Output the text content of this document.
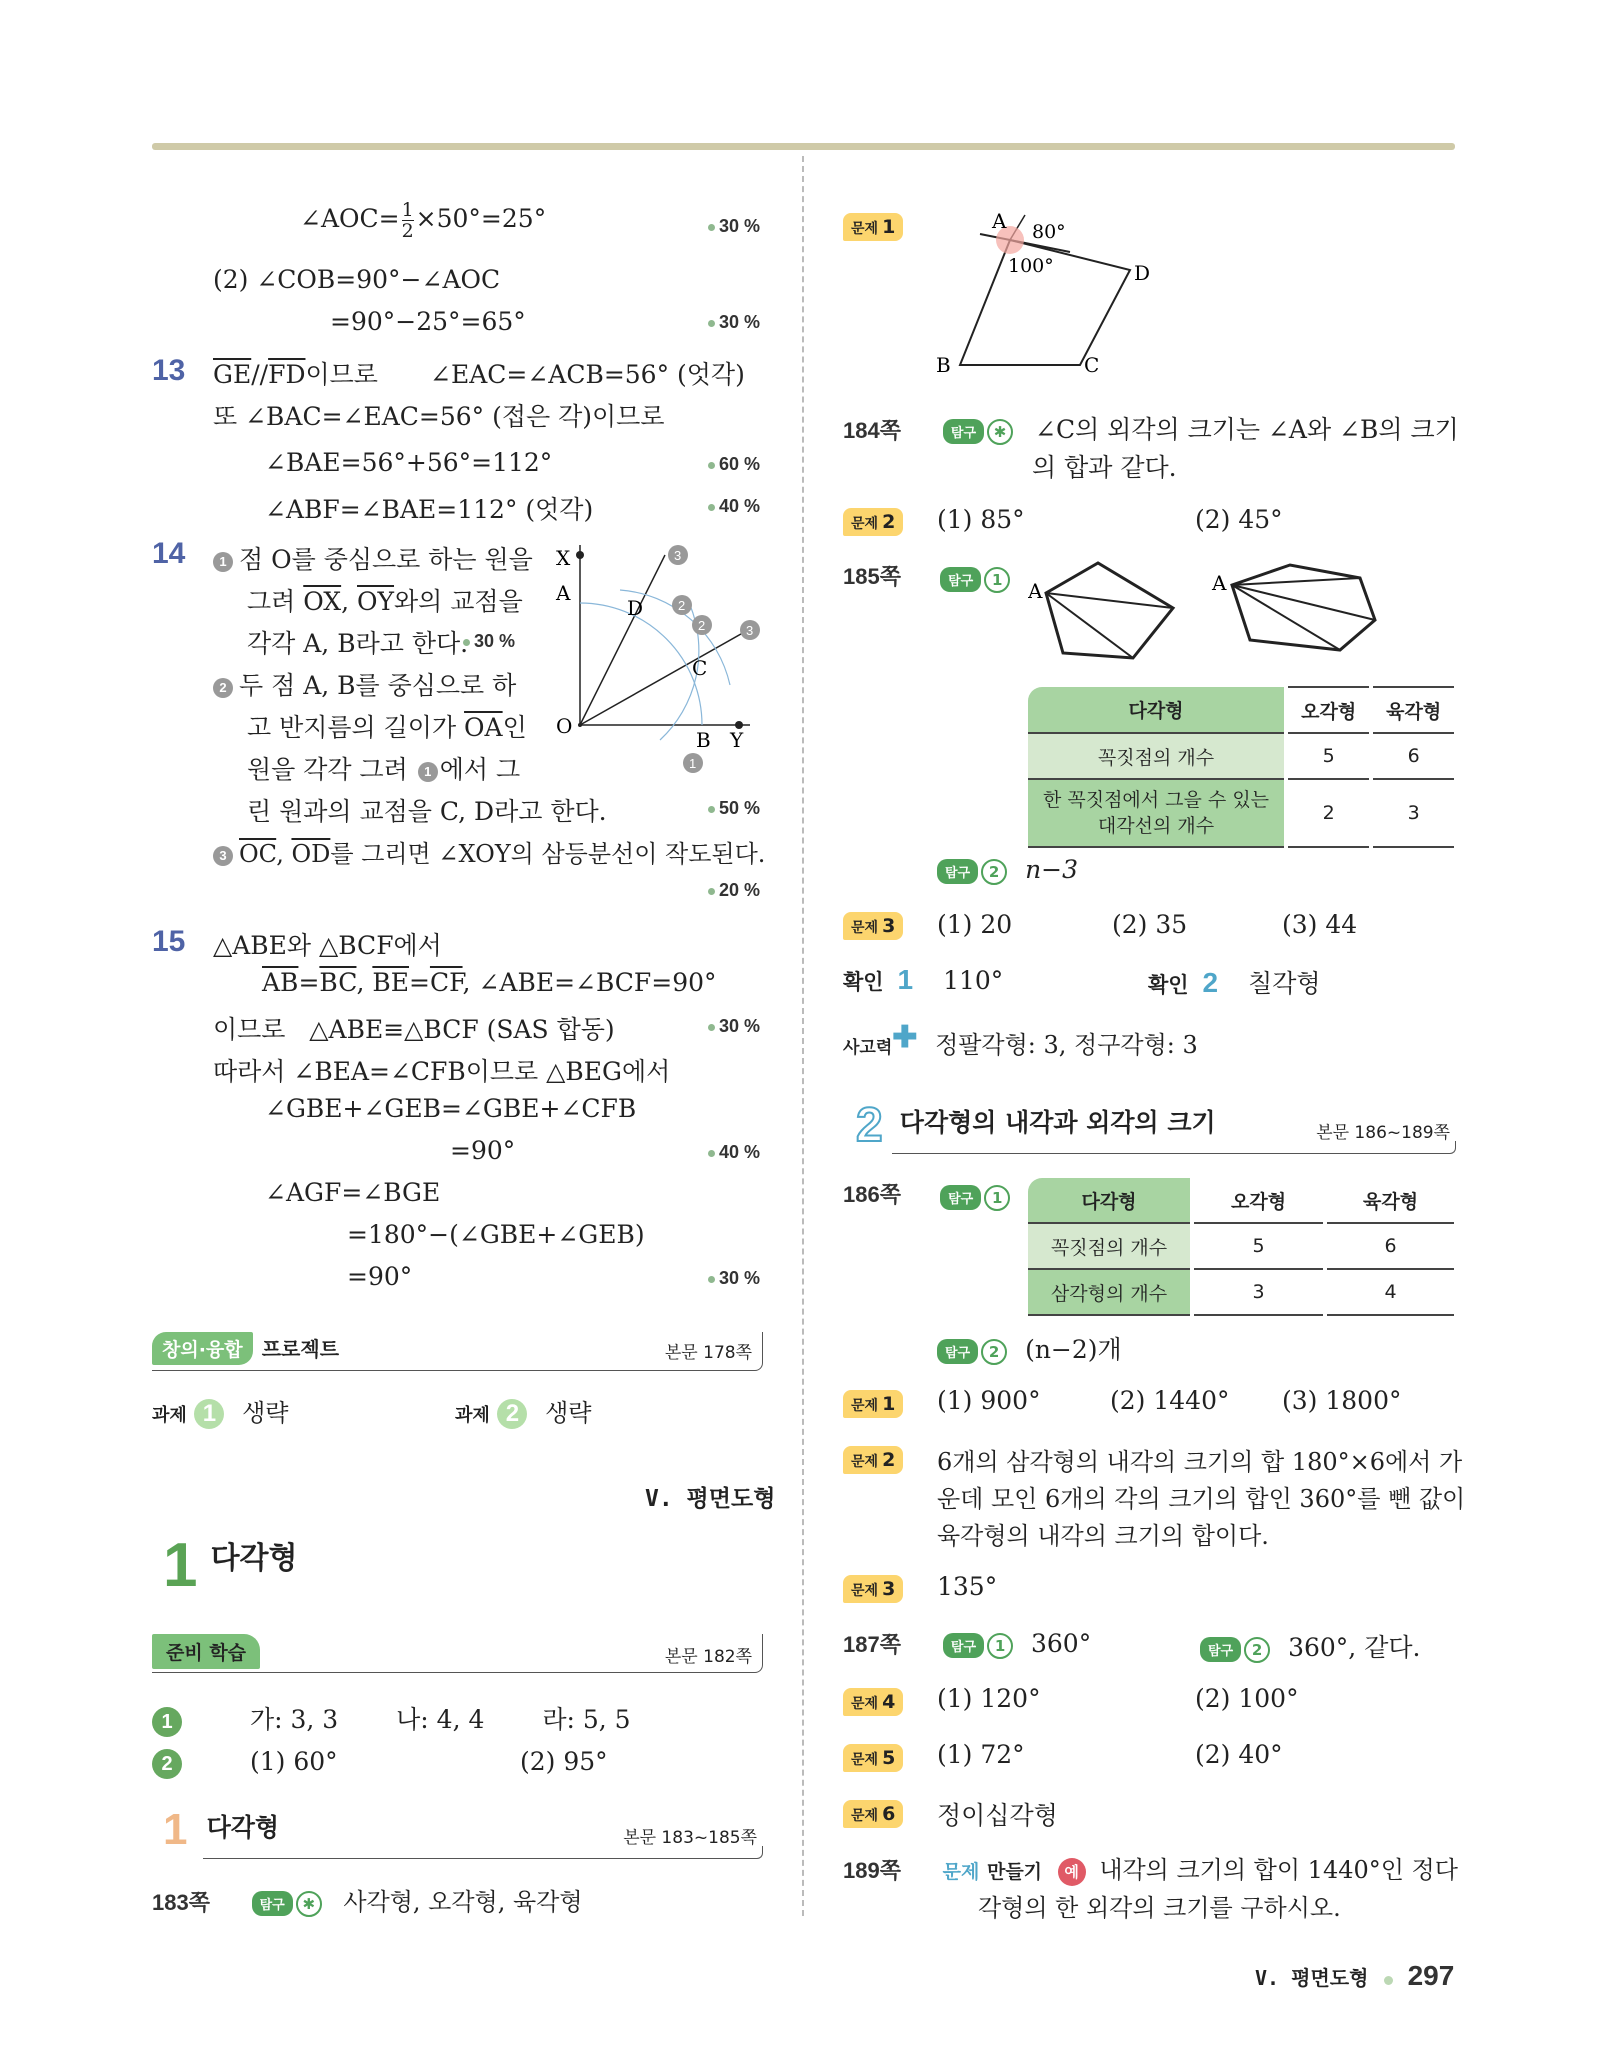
∠AOC= $\frac{1}{2} \times 50^\circ=25^\circ$	30 %
(2) ∠COB=90°−∠AOC
=90°−25°=65°	30 %
13 $\overline{GE}//\overline{FD}$이므로 ∠EAC=∠ACB=56° (엇각)
또 ∠BAC=∠EAC=56° (접은 각)이므로
∠BAE=56°+56°=112°	60 %
∠ABF=∠BAE=112° (엇각)	40 %
14	1 점 O를 중심으로 하는 원을
그려 $\overline{OX}$, $\overline{OY}$와의 교점을
각각 A, B라고 한다. 30 %
2 두 점 A, B를 중심으로 하
고 반지름의 길이가 $\overline{OA}$인
원을 각각 그려 1 에서 그
린 원과의 교점을 C, D라고 한다.	50 %
3 $\overline{OC}$, $\overline{OD}$를 그리면 ∠XOY의 삼등분선이 작도된다.
20 %
X
A
D
C
O
B Y
3
2
2	3
1
15 △ABE와 △BCF에서
$\overline{AB}=\overline{BC}$, $\overline{BE}=\overline{CF}$, ∠ABE=∠BCF=90°
이므로   △ABE≡△BCF (SAS 합동)	30 %
따라서 ∠BEA=∠CFB이므로 △BEG에서
∠GBE+∠GEB=∠GBE+∠CFB
=90°	40 %
∠AGF=∠BGE
=180°−(∠GBE+∠GEB)
=90°	30 %
창의·융합 프로젝트	본문 178쪽
과제 1 생략	과제 2 생략
V. 평면도형
1 다각형
준비 학습	본문 182쪽
1	가: 3, 3 나: 4, 4 라: 5, 5
2	(1) 60°	(2) 95°
1 다각형	본문 183~185쪽
183쪽	탐구 ✱ 사각형, 오각형, 육각형
문제 1	A 80°
100°	D
B	C
184쪽	탐구 ✱ ∠C의 외각의 크기는 ∠A와 ∠B의 크기
의 합과 같다.
문제 2	(1) 85°	(2) 45°
185쪽	탐구 1	A	A
다각형	오각형	육각형
꼭짓점의 개수	5	6
한 꼭짓점에서 그을 수 있는
대각선의 개수	2	3
탐구 2 n−3
문제 3	(1) 20	(2) 35	(3) 44
확인 1 110°	확인 2 칠각형
사고력✚ 정팔각형: 3, 정구각형: 3
2 다각형의 내각과 외각의 크기	본문 186~189쪽
186쪽	탐구 1	다각형	오각형	육각형
꼭짓점의 개수	5	6
삼각형의 개수	3	4
탐구 2 (n−2)개
문제 1	(1) 900°	(2) 1440° (3) 1800°
문제 2	6개의 삼각형의 내각의 크기의 합 180°×6에서 가
운데 모인 6개의 각의 크기의 합인 360°를 뺀 값이
육각형의 내각의 크기의 합이다.
문제 3	135°
187쪽	탐구 1 360°	탐구 2 360°, 같다.
문제 4	(1) 120°	(2) 100°
문제 5	(1) 72°	(2) 40°
문제 6	정이십각형
189쪽 문제 만들기 예 내각의 크기의 합이 1440°인 정다
각형의 한 외각의 크기를 구하시오.
V. 평면도형 297
